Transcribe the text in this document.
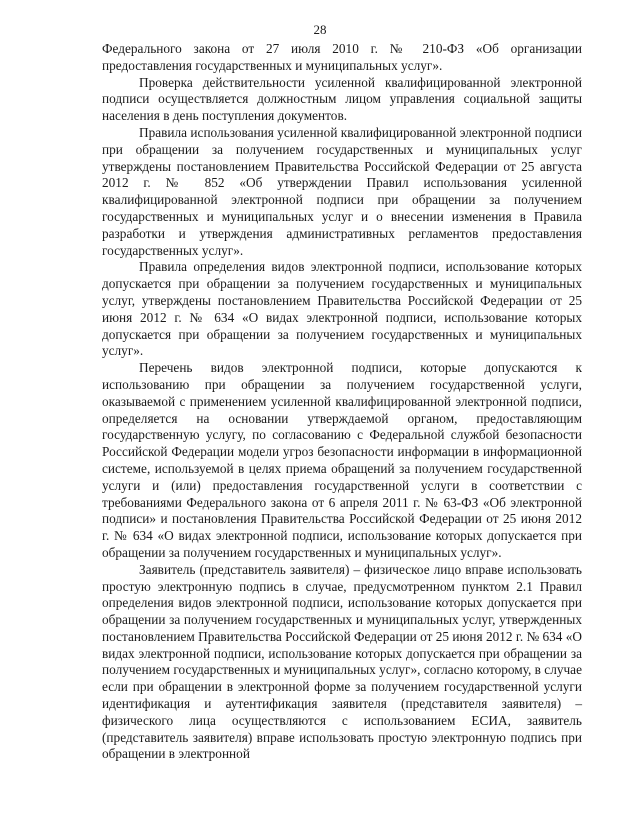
28

Федерального закона от 27 июля 2010 г. № 210-ФЗ «Об организации предоставления государственных и муниципальных услуг».

Проверка действительности усиленной квалифицированной электронной подписи осуществляется должностным лицом управления социальной защиты населения в день поступления документов.

Правила использования усиленной квалифицированной электронной подписи при обращении за получением государственных и муниципальных услуг утверждены постановлением Правительства Российской Федерации от 25 августа 2012 г. № 852 «Об утверждении Правил использования усиленной квалифицированной электронной подписи при обращении за получением государственных и муниципальных услуг и о внесении изменения в Правила разработки и утверждения административных регламентов предоставления государственных услуг».

Правила определения видов электронной подписи, использование которых допускается при обращении за получением государственных и муниципальных услуг, утверждены постановлением Правительства Российской Федерации от 25 июня 2012 г. № 634 «О видах электронной подписи, использование которых допускается при обращении за получением государственных и муниципальных услуг».

Перечень видов электронной подписи, которые допускаются к использованию при обращении за получением государственной услуги, оказываемой с применением усиленной квалифицированной электронной подписи, определяется на основании утверждаемой органом, предоставляющим государственную услугу, по согласованию с Федеральной службой безопасности Российской Федерации модели угроз безопасности информации в информационной системе, используемой в целях приема обращений за получением государственной услуги и (или) предоставления государственной услуги в соответствии с требованиями Федерального закона от 6 апреля 2011 г. № 63-ФЗ «Об электронной подписи» и постановления Правительства Российской Федерации от 25 июня 2012 г. № 634 «О видах электронной подписи, использование которых допускается при обращении за получением государственных и муниципальных услуг».

Заявитель (представитель заявителя) – физическое лицо вправе использовать простую электронную подпись в случае, предусмотренном пунктом 2.1 Правил определения видов электронной подписи, использование которых допускается при обращении за получением государственных и муниципальных услуг, утвержденных постановлением Правительства Российской Федерации от 25 июня 2012 г. № 634 «О видах электронной подписи, использование которых допускается при обращении за получением государственных и муниципальных услуг», согласно которому, в случае если при обращении в электронной форме за получением государственной услуги идентификация и аутентификация заявителя (представителя заявителя) – физического лица осуществляются с использованием ЕСИА, заявитель (представитель заявителя) вправе использовать простую электронную подпись при обращении в электронной
